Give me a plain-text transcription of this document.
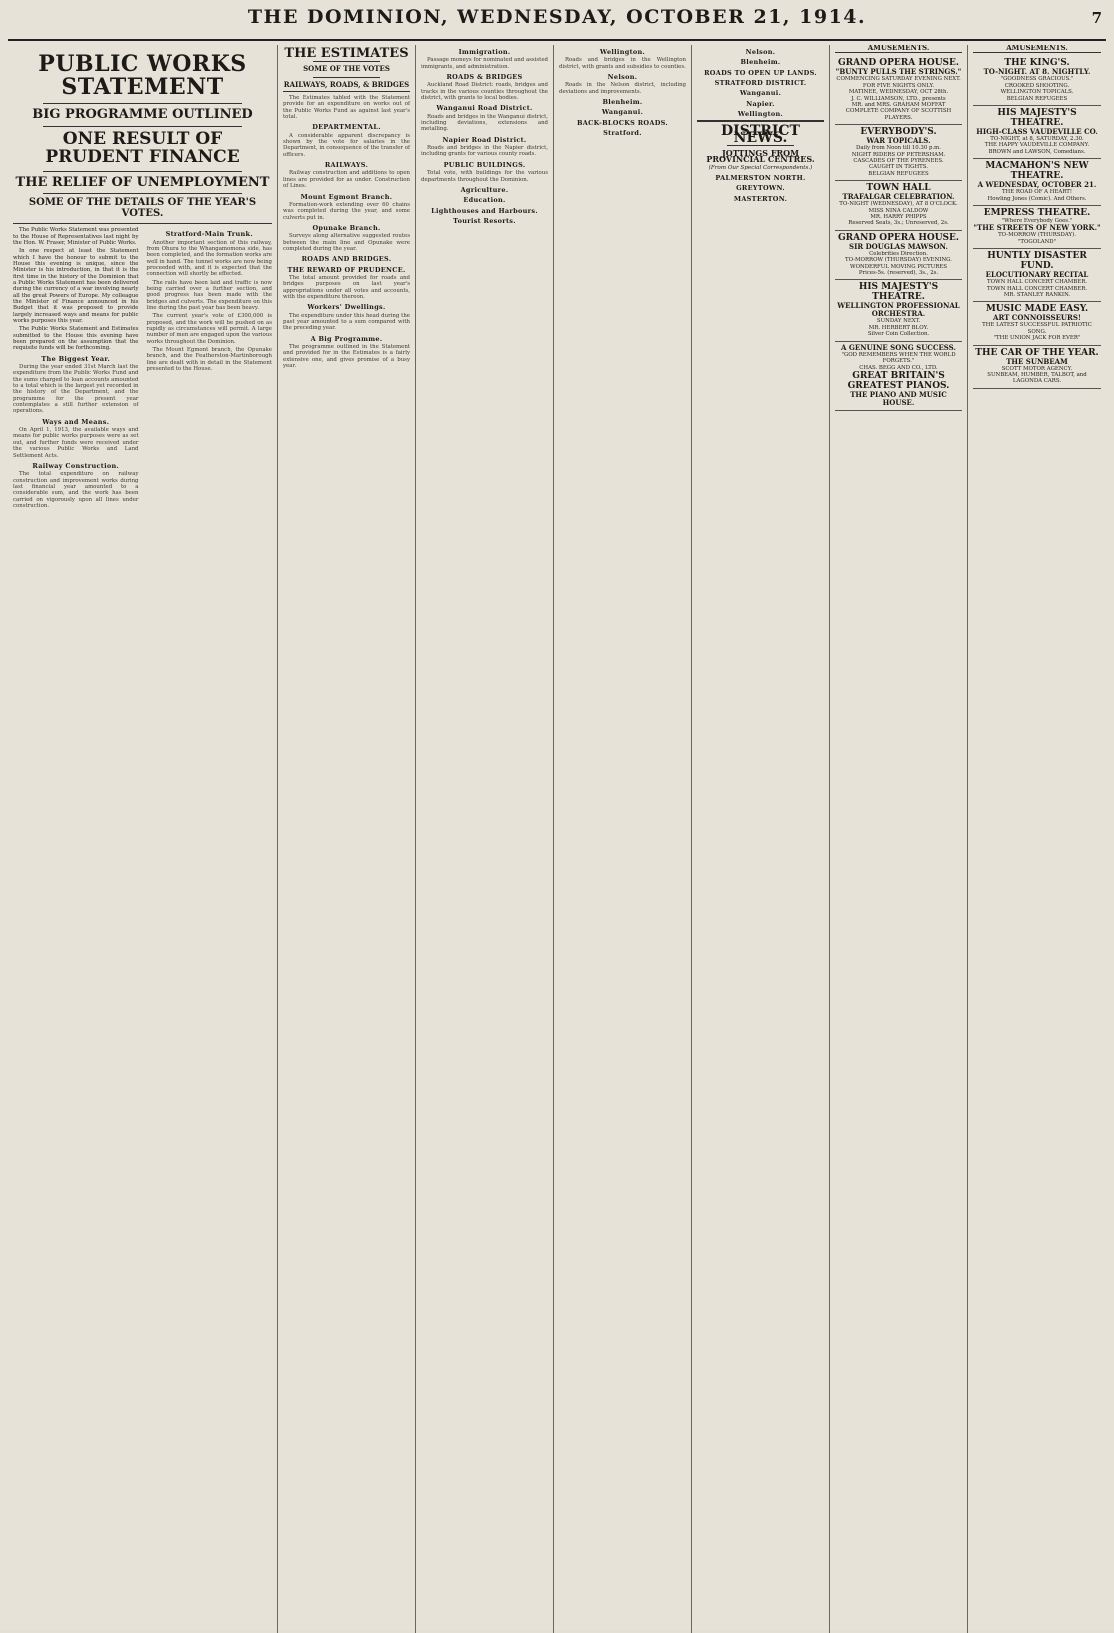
THE DOMINION, WEDNESDAY, OCTOBER 21, 1914.	7
PUBLIC WORKS STATEMENT
BIG PROGRAMME OUTLINED
ONE RESULT OF PRUDENT FINANCE
THE RELIEF OF UNEMPLOYMENT
SOME OF THE DETAILS OF THE YEAR'S VOTES.

The Public Works Statement was presented to the House of Representatives last night by the Hon. W. Fraser, Minister of Public Works.

In one respect at least the Statement which I have the honour to submit to the House this evening is unique, since the Minister is his introduction, in that it is the first time in the history of the Dominion that a Public Works Statement has been delivered during the currency of a war involving nearly all the great Powers of Europe. My colleague the Minister of Finance announced in his Budget that it was proposed to provide largely increased ways and means for public works purposes this year.

The Public Works Statement and Estimates submitted to the House this evening have been prepared on the assumption that the requisite funds will be forthcoming.

The Biggest Year.

During the year ended 31st March last the expenditure from the Public Works Fund and the sums charged to loan accounts amounted to a total which is the largest yet recorded in the history of the Department, and the programme for the present year contemplates a still further extension of operations.

Ways and Means.

On April 1, 1913, the available ways and means for public works purposes were as set out, and further funds were received under the various Public Works and Land Settlement Acts.

Railway Construction.

The total expenditure on railway construction and improvement works during last financial year amounted to a considerable sum, and the work has been carried on vigorously upon all lines under construction.

Stratford-Main Trunk.

Another important section of this railway, from Ohura to the Whangamomona side, has been completed, and the formation works are well in hand. The tunnel works are now being proceeded with, and it is expected that the connection will shortly be effected.

The rails have been laid and traffic is now being carried over a further section, and good progress has been made with the bridges and culverts. The expenditure on this line during the past year has been heavy.

The current year's vote of £300,000 is proposed, and the work will be pushed on as rapidly as circumstances will permit. A large number of men are engaged upon the various works throughout the Dominion.

The Mount Egmont branch, the Opunake branch, and the Featherston-Martinborough line are dealt with in detail in the Statement presented to the House.

THE ESTIMATES
SOME OF THE VOTES
RAILWAYS, ROADS, & BRIDGES

The Estimates tabled with the Statement provide for an expenditure on works out of the Public Works Fund as against last year's total.

DEPARTMENTAL.

A considerable apparent discrepancy is shown by the vote for salaries in the Department, in consequence of the transfer of officers.

RAILWAYS.

Railway construction and additions to open lines are provided for as under. Construction of Lines.

Mount Egmont Branch.

Formation-work extending over 60 chains was completed during the year, and some culverts put in.

Opunake Branch.

Surveys along alternative suggested routes between the main line and Opunake were completed during the year.

ROADS AND BRIDGES.
THE REWARD OF PRUDENCE.

The total amount provided for roads and bridges purposes on last year's appropriations under all votes and accounts, with the expenditure thereon.

Workers' Dwellings.

The expenditure under this head during the past year amounted to a sum compared with the preceding year.

A Big Programme.

The programme outlined in the Statement and provided for in the Estimates is a fairly extensive one, and gives promise of a busy year.

Immigration.

Passage moneys for nominated and assisted immigrants, and administration.

ROADS & BRIDGES

Auckland Road District: roads, bridges and tracks in the various counties throughout the district, with grants to local bodies.

Wanganui Road District.

Roads and bridges in the Wanganui district, including deviations, extensions and metalling.

Napier Road District.

Roads and bridges in the Napier district, including grants for various county roads.

PUBLIC BUILDINGS.

Total vote, with buildings for the various departments throughout the Dominion.

Agriculture.
Education.
Lighthouses and Harbours.
Tourist Resorts.
Wellington.

Roads and bridges in the Wellington district, with grants and subsidies to counties.

Nelson.

Roads in the Nelson district, including deviations and improvements.

Blenheim.
Wanganui.
BACK-BLOCKS ROADS.
Stratford.
Nelson.
Blenheim.
ROADS TO OPEN UP LANDS.
STRATFORD DISTRICT.
Wanganui.
Napier.
Wellington.
DISTRICT NEWS.
JOTTINGS FROM PROVINCIAL CENTRES.
(From Our Special Correspondents.)
PALMERSTON NORTH.
GREYTOWN.
MASTERTON.
AMUSEMENTS.
GRAND OPERA HOUSE.
"BUNTY PULLS THE STRINGS."

COMMENCING SATURDAY EVENING NEXT.

FOR FIVE NIGHTS ONLY.

MATINEE, WEDNESDAY, OCT 28th.

J. C. WILLIAMSON, LTD., presents

MR. and MRS. GRAHAM MOFFAT

COMPLETE COMPANY OF SCOTTISH PLAYERS.

EVERYBODY'S.
WAR TOPICALS.

Daily from Noon till 10.30 p.m.

NIGHT RIDERS OF PETERSHAM.

CASCADES OF THE PYRENEES.

CAUGHT IN TIGHTS.

BELGIAN REFUGEES

TOWN HALL
TRAFALGAR CELEBRATION.

TO-NIGHT (WEDNESDAY), AT 8 O'CLOCK.

MISS NINA CALDOW

MR. HARRY PHIPPS

Reserved Seats, 3s.; Unreserved, 2s.

GRAND OPERA HOUSE.
SIR DOUGLAS MAWSON.

Celebrities Direction.

TO-MORROW (THURSDAY) EVENING.

WONDERFUL MOVING PICTURES

Prices-5s. (reserved), 3s., 2s.

HIS MAJESTY'S THEATRE.
WELLINGTON PROFESSIONAL ORCHESTRA.

SUNDAY NEXT.

MR. HERBERT BLOY.

Silver Coin Collection.

A GENUINE SONG SUCCESS.

"GOD REMEMBERS WHEN THE WORLD FORGETS."

CHAS. BEGG AND CO., LTD.

GREAT BRITAIN'S GREATEST PIANOS.
THE PIANO AND MUSIC HOUSE.
AMUSEMENTS.
THE KING'S.
TO-NIGHT. AT 8. NIGHTLY.

"GOODNESS GRACIOUS."

CROOKED SHOOTING.

WELLINGTON TOPICALS.

BELGIAN REFUGEES

HIS MAJESTY'S THEATRE.
HIGH-CLASS VAUDEVILLE CO.

TO-NIGHT, at 8, SATURDAY, 2.30.

THE HAPPY VAUDEVILLE COMPANY.

BROWN and LAWSON, Comedians.

MACMAHON'S NEW THEATRE.
A WEDNESDAY, OCTOBER 21.

THE ROAD OF A HEART!

Howling Jones (Comic). And Others.

EMPRESS THEATRE.

"Where Everybody Goes."

"THE STREETS OF NEW YORK."

TO-MORROW (THURSDAY).

"TOGOLAND"

HUNTLY DISASTER FUND.
ELOCUTIONARY RECITAL

TOWN HALL CONCERT CHAMBER.

TOWN HALL CONCERT CHAMBER.

MR. STANLEY RANKIN.

MUSIC MADE EASY.
ART CONNOISSEURS!

THE LATEST SUCCESSFUL PATRIOTIC SONG.

"THE UNION JACK FOR EVER"

THE CAR OF THE YEAR.
THE SUNBEAM

SCOTT MOTOR AGENCY.

SUNBEAM, HUMBER, TALBOT, and LAGONDA CARS.
